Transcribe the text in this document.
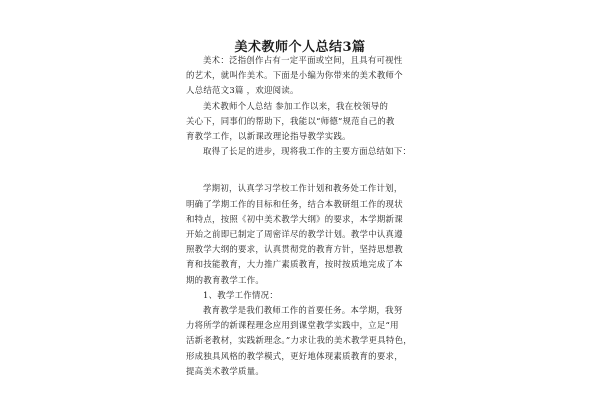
美术教师个人总结3篇
美术：泛指创作占有一定平面或空间，且具有可视性
的艺术，就叫作美术。下面是小编为你带来的美术教师个
人总结范文3篇 ，欢迎阅读。
美术教师个人总结 参加工作以来，我在校领导的
关心下，同事们的帮助下，我能以“师德”规范自己的教
育教学工作，以新课改理论指导教学实践。
取得了长足的进步，现将我工作的主要方面总结如下：
学期初，认真学习学校工作计划和教务处工作计划，
明确了学期工作的目标和任务，结合本教研组工作的现状
和特点，按照《初中美术教学大纲》的要求，本学期新课
开始之前即已制定了周密详尽的教学计划。教学中认真遵
照教学大纲的要求，认真贯彻党的教育方针，坚持思想教
育和技能教育，大力推广素质教育，按时按质地完成了本
期的教育教学工作。
1、教学工作情况：
教育教学是我们教师工作的首要任务。本学期，我努
力将所学的新课程理念应用到课堂教学实践中，立足“用
活新老教材，实践新理念。”力求让我的美术教学更具特色，
形成独具风格的教学模式，更好地体现素质教育的要求，
提高美术教学质量。
